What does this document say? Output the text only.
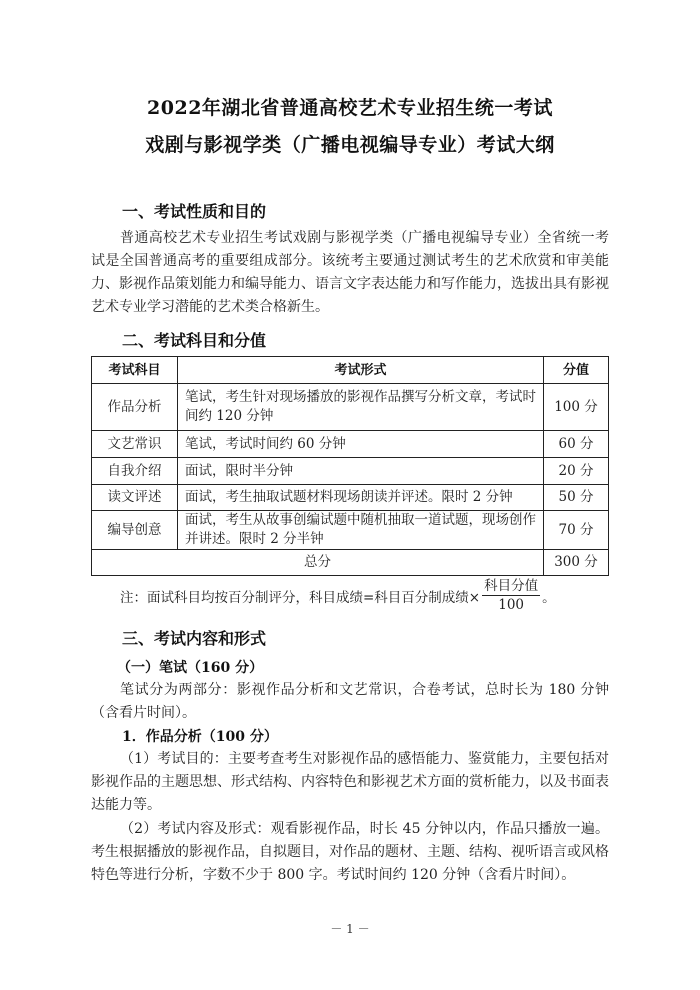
2022年湖北省普通高校艺术专业招生统一考试
戏剧与影视学类（广播电视编导专业）考试大纲
一、考试性质和目的
普通高校艺术专业招生考试戏剧与影视学类（广播电视编导专业）全省统一考试是全国普通高考的重要组成部分。该统考主要通过测试考生的艺术欣赏和审美能力、影视作品策划能力和编导能力、语言文字表达能力和写作能力，选拔出具有影视艺术专业学习潜能的艺术类合格新生。
二、考试科目和分值
考试科目	考试形式	分值
作品分析	笔试，考生针对现场播放的影视作品撰写分析文章，考试时间约 120 分钟	100 分
文艺常识	笔试，考试时间约 60 分钟	60 分
自我介绍	面试，限时半分钟	20 分
读文评述	面试，考生抽取试题材料现场朗读并评述。限时 2 分钟	50 分
编导创意	面试，考生从故事创编试题中随机抽取一道试题，现场创作并讲述。限时 2 分半钟	70 分
总分		300 分
注：面试科目均按百分制评分，科目成绩=科目百分制成绩× $\frac{\text{科目分值}}{100}$ 。
三、考试内容和形式
（一）笔试（160 分）
笔试分为两部分：影视作品分析和文艺常识，合卷考试，总时长为 180 分钟（含看片时间）。
1．作品分析（100 分）
（1）考试目的：主要考查考生对影视作品的感悟能力、鉴赏能力，主要包括对影视作品的主题思想、形式结构、内容特色和影视艺术方面的赏析能力，以及书面表达能力等。
（2）考试内容及形式：观看影视作品，时长 45 分钟以内，作品只播放一遍。考生根据播放的影视作品，自拟题目，对作品的题材、主题、结构、视听语言或风格特色等进行分析，字数不少于 800 字。考试时间约 120 分钟（含看片时间）。
－ 1 －
